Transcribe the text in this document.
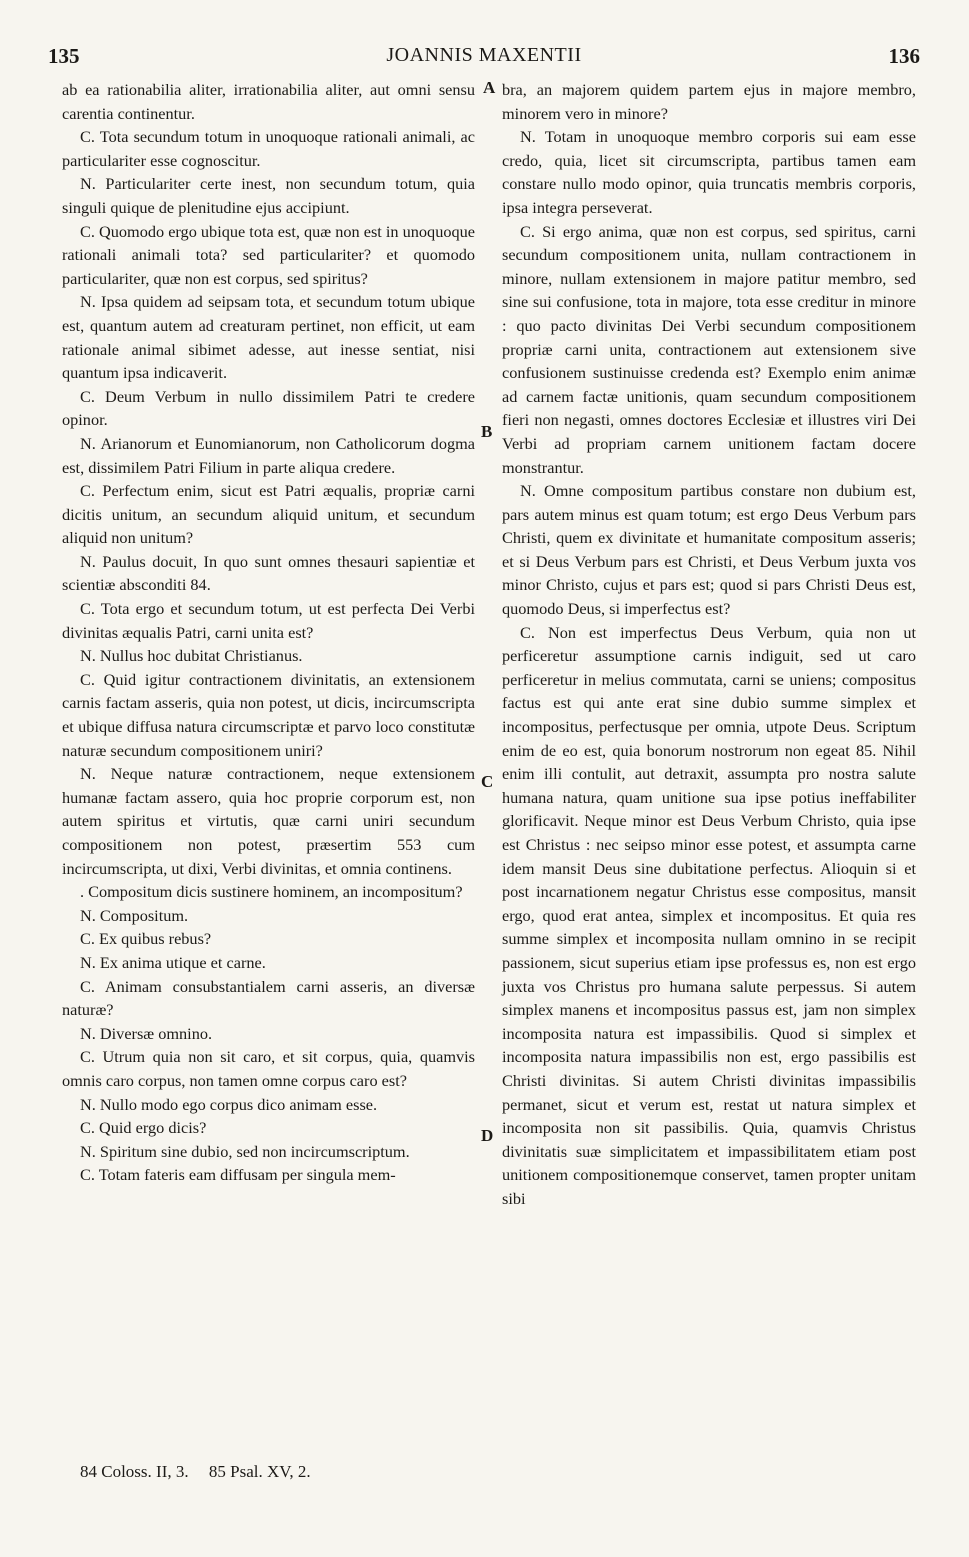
135	JOANNIS MAXENTII	136

ab ea rationabilia aliter, irrationabilia aliter, aut omni sensu carentia continentur.

C. Tota secundum totum in unoquoque rationali animali, ac particulariter esse cognoscitur.

N. Particulariter certe inest, non secundum totum, quia singuli quique de plenitudine ejus accipiunt.

C. Quomodo ergo ubique tota est, quæ non est in unoquoque rationali animali tota? sed particulariter? et quomodo particulariter, quæ non est corpus, sed spiritus?

N. Ipsa quidem ad seipsam tota, et secundum totum ubique est, quantum autem ad creaturam pertinet, non efficit, ut eam rationale animal sibimet adesse, aut inesse sentiat, nisi quantum ipsa indicaverit.

C. Deum Verbum in nullo dissimilem Patri te credere opinor.

N. Arianorum et Eunomianorum, non Catholicorum dogma est, dissimilem Patri Filium in parte aliqua credere.

C. Perfectum enim, sicut est Patri æqualis, propriæ carni dicitis unitum, an secundum aliquid unitum, et secundum aliquid non unitum?

N. Paulus docuit, In quo sunt omnes thesauri sapientiæ et scientiæ absconditi 84.

C. Tota ergo et secundum totum, ut est perfecta Dei Verbi divinitas æqualis Patri, carni unita est?

N. Nullus hoc dubitat Christianus.

C. Quid igitur contractionem divinitatis, an extensionem carnis factam asseris, quia non potest, ut dicis, incircumscripta et ubique diffusa natura circumscriptæ et parvo loco constitutæ naturæ secundum compositionem uniri?

N. Neque naturæ contractionem, neque extensionem humanæ factam assero, quia hoc proprie corporum est, non autem spiritus et virtutis, quæ carni uniri secundum compositionem non potest, præsertim 553 cum incircumscripta, ut dixi, Verbi divinitas, et omnia continens.

. Compositum dicis sustinere hominem, an incompositum?

N. Compositum.

C. Ex quibus rebus?

N. Ex anima utique et carne.

C. Animam consubstantialem carni asseris, an diversæ naturæ?

N. Diversæ omnino.

C. Utrum quia non sit caro, et sit corpus, quia, quamvis omnis caro corpus, non tamen omne corpus caro est?

N. Nullo modo ego corpus dico animam esse.

C. Quid ergo dicis?

N. Spiritum sine dubio, sed non incircumscriptum.

C. Totam fateris eam diffusam per singula mem-

A
B
C
D

bra, an majorem quidem partem ejus in majore membro, minorem vero in minore?

N. Totam in unoquoque membro corporis sui eam esse credo, quia, licet sit circumscripta, partibus tamen eam constare nullo modo opinor, quia truncatis membris corporis, ipsa integra perseverat.

C. Si ergo anima, quæ non est corpus, sed spiritus, carni secundum compositionem unita, nullam contractionem in minore, nullam extensionem in majore patitur membro, sed sine sui confusione, tota in majore, tota esse creditur in minore : quo pacto divinitas Dei Verbi secundum compositionem propriæ carni unita, contractionem aut extensionem sive confusionem sustinuisse credenda est? Exemplo enim animæ ad carnem factæ unitionis, quam secundum compositionem fieri non negasti, omnes doctores Ecclesiæ et illustres viri Dei Verbi ad propriam carnem unitionem factam docere monstrantur.

N. Omne compositum partibus constare non dubium est, pars autem minus est quam totum; est ergo Deus Verbum pars Christi, quem ex divinitate et humanitate compositum asseris; et si Deus Verbum pars est Christi, et Deus Verbum juxta vos minor Christo, cujus et pars est; quod si pars Christi Deus est, quomodo Deus, si imperfectus est?

C. Non est imperfectus Deus Verbum, quia non ut perficeretur assumptione carnis indiguit, sed ut caro perficeretur in melius commutata, carni se uniens; compositus factus est qui ante erat sine dubio summe simplex et incompositus, perfectusque per omnia, utpote Deus. Scriptum enim de eo est, quia bonorum nostrorum non egeat 85. Nihil enim illi contulit, aut detraxit, assumpta pro nostra salute humana natura, quam unitione sua ipse potius ineffabiliter glorificavit. Neque minor est Deus Verbum Christo, quia ipse est Christus : nec seipso minor esse potest, et assumpta carne idem mansit Deus sine dubitatione perfectus. Alioquin si et post incarnationem negatur Christus esse compositus, mansit ergo, quod erat antea, simplex et incompositus. Et quia res summe simplex et incomposita nullam omnino in se recipit passionem, sicut superius etiam ipse professus es, non est ergo juxta vos Christus pro humana salute perpessus. Si autem simplex manens et incompositus passus est, jam non simplex incomposita natura est impassibilis. Quod si simplex et incomposita natura impassibilis non est, ergo passibilis est Christi divinitas. Si autem Christi divinitas impassibilis permanet, sicut et verum est, restat ut natura simplex et incomposita non sit passibilis. Quia, quamvis Christus divinitatis suæ simplicitatem et impassibilitatem etiam post unitionem compositionemque conservet, tamen propter unitam sibi

84 Coloss. II, 3. 85 Psal. XV, 2.
